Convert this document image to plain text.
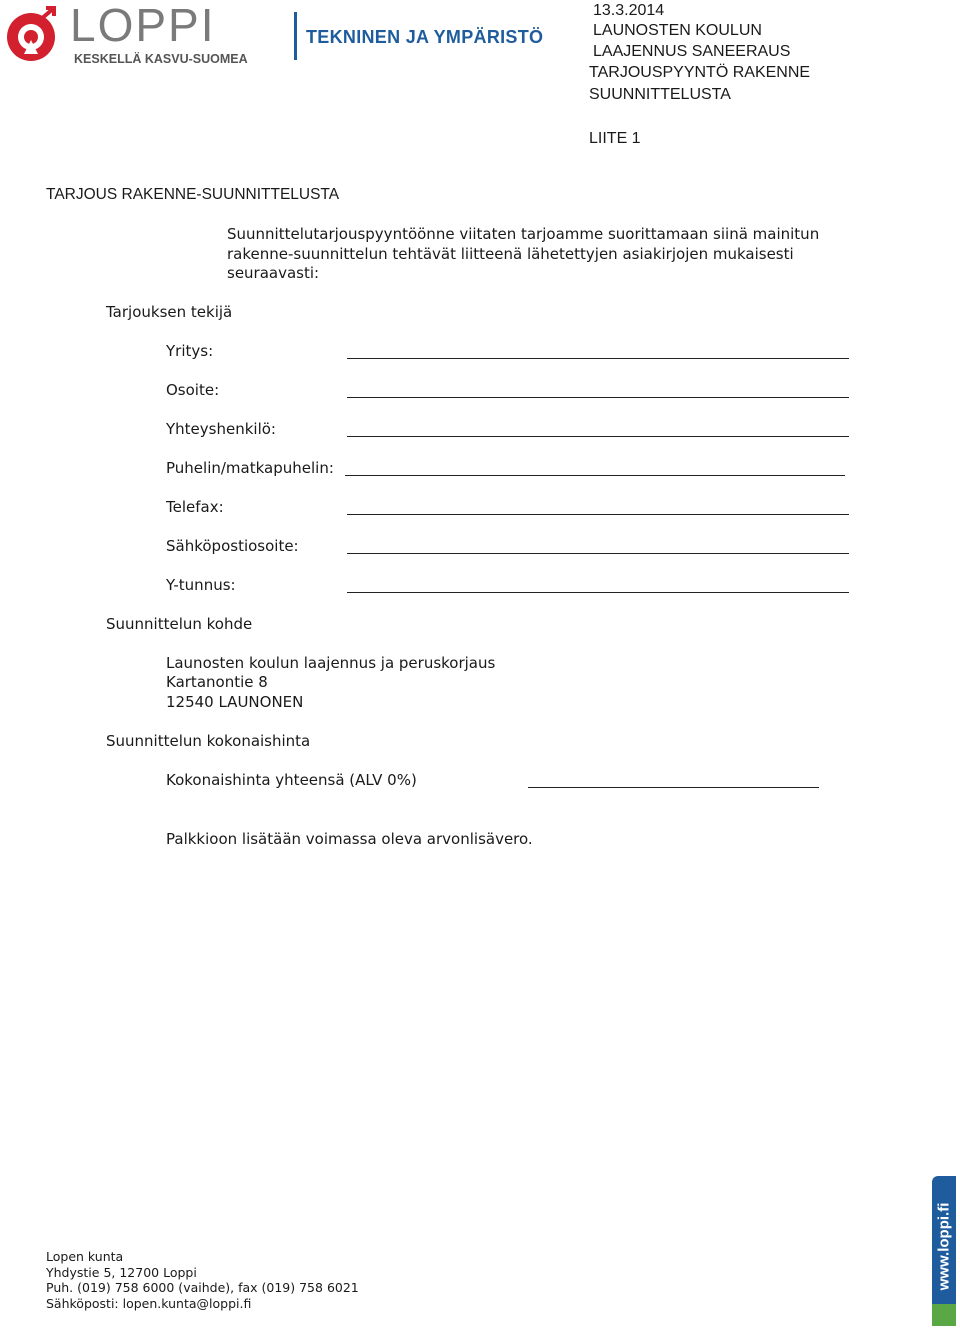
LOPPI
KESKELLÄ KASVU-SUOMEA
TEKNINEN JA YMPÄRISTÖ
13.3.2014
LAUNOSTEN KOULUN
LAAJENNUS SANEERAUS
TARJOUSPYYNTÖ RAKENNE
SUUNNITTELUSTA
LIITE 1
TARJOUS RAKENNE-SUUNNITTELUSTA
Suunnittelutarjouspyyntöönne viitaten tarjoamme suorittamaan siinä mainitun
rakenne-suunnittelun tehtävät liitteenä lähetettyjen asiakirjojen mukaisesti
seuraavasti:
Tarjouksen tekijä
Yritys:
Osoite:
Yhteyshenkilö:
Puhelin/matkapuhelin:
Telefax:
Sähköpostiosoite:
Y-tunnus:
Suunnittelun kohde
Launosten koulun laajennus ja peruskorjaus
Kartanontie 8
12540 LAUNONEN
Suunnittelun kokonaishinta
Kokonaishinta yhteensä (ALV 0%)
Palkkioon lisätään voimassa oleva arvonlisävero.
Lopen kunta
Yhdystie 5, 12700 Loppi
Puh. (019) 758 6000 (vaihde), fax (019) 758 6021
Sähköposti: lopen.kunta@loppi.fi
www.loppi.fi
